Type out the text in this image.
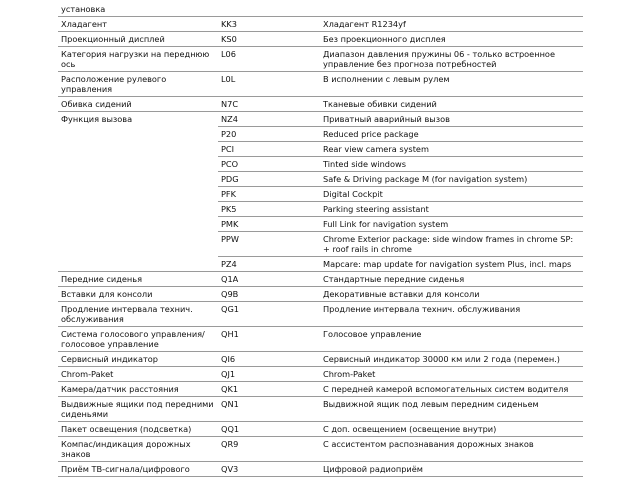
установка		
Хладагент	KK3	Хладагент R1234yf
Проекционный дисплей	KS0	Без проекционного дисплея
Категория нагрузки на переднюю ось	L06	Диапазон давления пружины 06 - только встроенное управление без прогноза потребностей
Расположение рулевого управления	L0L	В исполнении с левым рулем
Обивка сидений	N7C	Тканевые обивки сидений
Функция вызова	NZ4	Приватный аварийный вызов
	P20	Reduced price package
	PCI	Rear view camera system
	PCO	Tinted side windows
	PDG	Safe & Driving package M (for navigation system)
	PFK	Digital Cockpit
	PK5	Parking steering assistant
	PMK	Full Link for navigation system
	PPW	Chrome Exterior package: side window frames in chrome SP: + roof rails in chrome
	PZ4	Mapcare: map update for navigation system Plus, incl. maps
Передние сиденья	Q1A	Стандартные передние сиденья
Вставки для консоли	Q9B	Декоративные вставки для консоли
Продление интервала технич. обслуживания	QG1	Продление интервала технич. обслуживания
Система голосового управления/голосовое управление	QH1	Голосовое управление
Сервисный индикатор	QI6	Сервисный индикатор 30000 км или 2 года (перемен.)
Chrom-Paket	QJ1	Chrom-Paket
Камера/датчик расстояния	QK1	С передней камерой вспомогательных систем водителя
Выдвижные ящики под передними сиденьями	QN1	Выдвижной ящик под левым передним сиденьем
Пакет освещения (подсветка)	QQ1	С доп. освещением (освещение внутри)
Компас/индикация дорожных знаков	QR9	С ассистентом распознавания дорожных знаков
Приём ТВ-сигнала/цифрового	QV3	Цифровой радиоприём
